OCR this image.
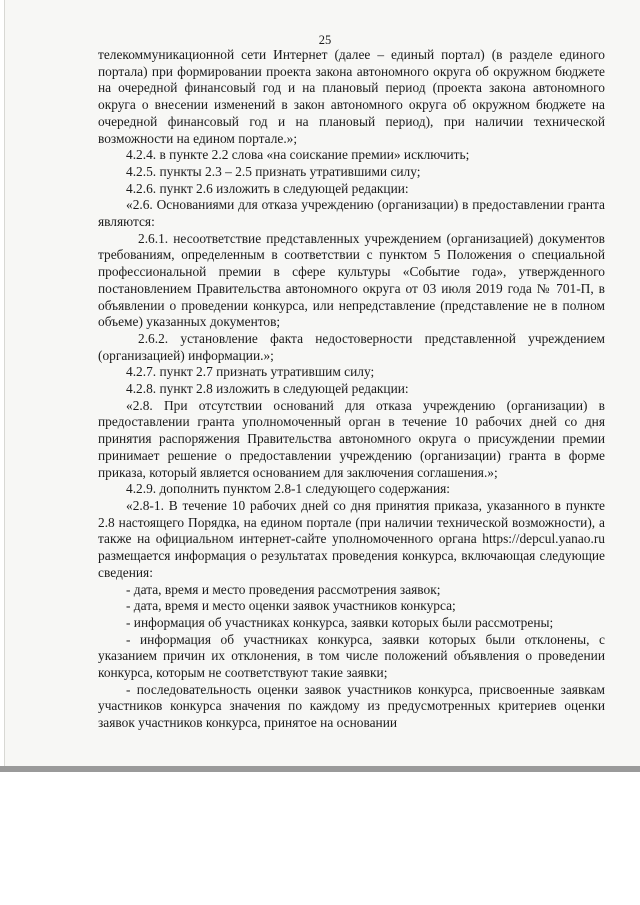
25

телекоммуникационной сети Интернет (далее – единый портал) (в разделе единого портала) при формировании проекта закона автономного округа об окружном бюджете на очередной финансовый год и на плановый период (проекта закона автономного округа о внесении изменений в закон автономного округа об окружном бюджете на очередной финансовый год и на плановый период), при наличии технической возможности на едином портале.»;

4.2.4. в пункте 2.2 слова «на соискание премии» исключить;

4.2.5. пункты 2.3 – 2.5 признать утратившими силу;

4.2.6. пункт 2.6 изложить в следующей редакции:

«2.6. Основаниями для отказа учреждению (организации) в предоставлении гранта являются:

2.6.1. несоответствие представленных учреждением (организацией) документов требованиям, определенным в соответствии с пунктом 5 Положения о специальной профессиональной премии в сфере культуры «Событие года», утвержденного постановлением Правительства автономного округа от 03 июля 2019 года № 701-П, в объявлении о проведении конкурса, или непредставление (представление не в полном объеме) указанных документов;

2.6.2. установление факта недостоверности представленной учреждением (организацией) информации.»;

4.2.7. пункт 2.7 признать утратившим силу;

4.2.8. пункт 2.8 изложить в следующей редакции:

«2.8. При отсутствии оснований для отказа учреждению (организации) в предоставлении гранта уполномоченный орган в течение 10 рабочих дней со дня принятия распоряжения Правительства автономного округа о присуждении премии принимает решение о предоставлении учреждению (организации) гранта в форме приказа, который является основанием для заключения соглашения.»;

4.2.9. дополнить пунктом 2.8-1 следующего содержания:

«2.8-1. В течение 10 рабочих дней со дня принятия приказа, указанного в пункте 2.8 настоящего Порядка, на едином портале (при наличии технической возможности), а также на официальном интернет-сайте уполномоченного органа https://depcul.yanao.ru размещается информация о результатах проведения конкурса, включающая следующие сведения:

- дата, время и место проведения рассмотрения заявок;

- дата, время и место оценки заявок участников конкурса;

- информация об участниках конкурса, заявки которых были рассмотрены;

- информация об участниках конкурса, заявки которых были отклонены, с указанием причин их отклонения, в том числе положений объявления о проведении конкурса, которым не соответствуют такие заявки;

- последовательность оценки заявок участников конкурса, присвоенные заявкам участников конкурса значения по каждому из предусмотренных критериев оценки заявок участников конкурса, принятое на основании
